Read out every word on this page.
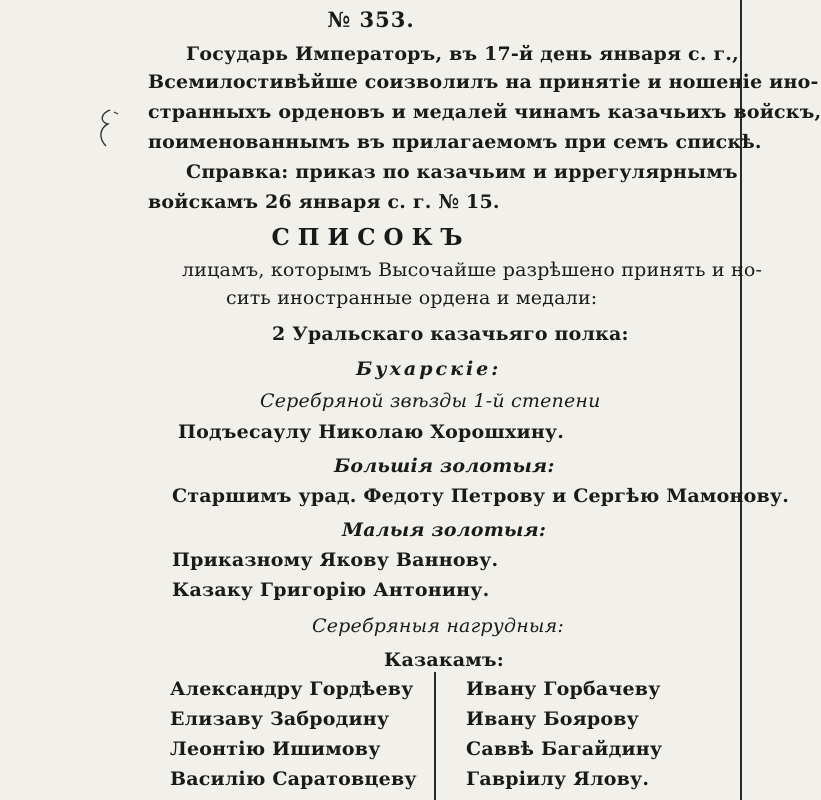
№ 353.
Государь Императоръ, въ 17-й день января с. г.,
Всемилостивѣйше соизволилъ на принятіе и ношеніе ино-
странныхъ орденовъ и медалей чинамъ казачьихъ войскъ,
поименованнымъ въ прилагаемомъ при семъ спискѣ.
Справка: приказ по казачьим и иррегулярнымъ
войскамъ 26 января с. г. № 15.
СПИСОКЪ
лицамъ, которымъ Высочайше разрѣшено принять и но-
сить иностранные ордена и медали:
2 Уральскаго казачьяго полка:
Бухарскіе:
Серебряной звѣзды 1-й степени
Подъесаулу Николаю Хорошхину.
Большія золотыя:
Старшимъ урад. Федоту Петрову и Сергѣю Мамонову.
Малыя золотыя:
Приказному Якову Ваннову.
Казаку Григорію Антонину.
Серебряныя нагрудныя:
Казакамъ:
Александру Гордѣеву
Елизаву Забродину
Леонтію Ишимову
Василію Саратовцеву
Ивану Горбачеву
Ивану Боярову
Саввѣ Багайдину
Гаврiилу Ялову.
